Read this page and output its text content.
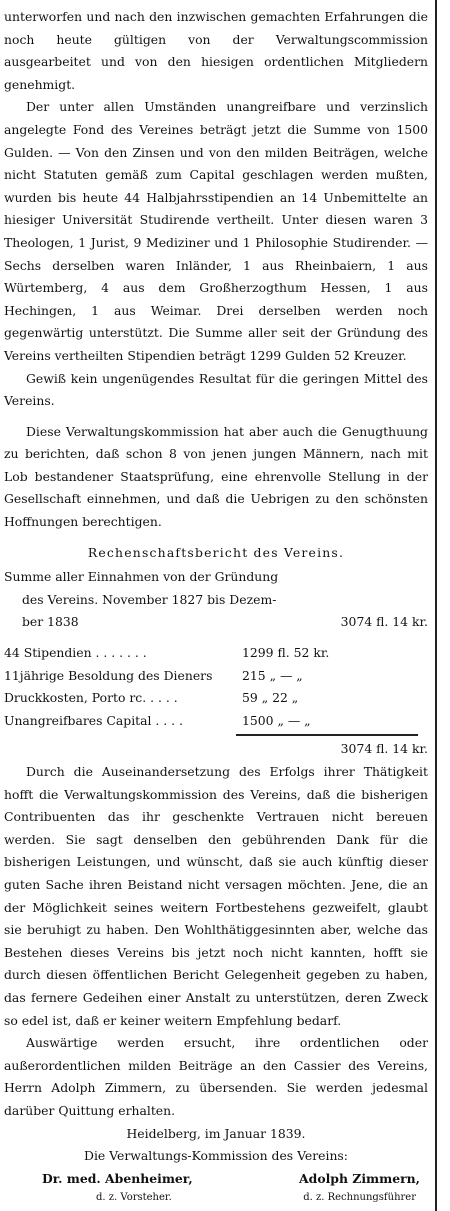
unterworfen und nach den inzwischen gemachten Erfahrungen die noch heute gültigen von der Verwaltungscommission ausgearbeitet und von den hiesigen ordentlichen Mitgliedern genehmigt.

Der unter allen Umständen unangreifbare und verzinslich angelegte Fond des Vereines beträgt jetzt die Summe von 1500 Gulden. — Von den Zinsen und von den milden Beiträgen, welche nicht Statuten gemäß zum Capital geschlagen werden mußten, wurden bis heute 44 Halbjahrsstipendien an 14 Unbemittelte an hiesiger Universität Studirende vertheilt. Unter diesen waren 3 Theologen, 1 Jurist, 9 Mediziner und 1 Philosophie Studirender. — Sechs derselben waren Inländer, 1 aus Rheinbaiern, 1 aus Würtemberg, 4 aus dem Großherzogthum Hessen, 1 aus Hechingen, 1 aus Weimar. Drei derselben werden noch gegenwärtig unterstützt. Die Summe aller seit der Gründung des Vereins vertheilten Stipendien beträgt 1299 Gulden 52 Kreuzer.

Gewiß kein ungenügendes Resultat für die geringen Mittel des Vereins.

Diese Verwaltungskommission hat aber auch die Genugthuung zu berichten, daß schon 8 von jenen jungen Männern, nach mit Lob bestandener Staatsprüfung, eine ehrenvolle Stellung in der Gesellschaft einnehmen, und daß die Uebrigen zu den schönsten Hoffnungen berechtigen.

Rechenschaftsbericht des Vereins.
Summe aller Einnahmen von der Gründung
des Vereins. November 1827 bis Dezem-
ber 1838	3074 fl. 14 kr.
44 Stipendien . . . . . . .	1299 fl. 52 kr.
11jährige Besoldung des Dieners 215 „ — „
Druckkosten, Porto rc. . . . .	59 „ 22 „
Unangreifbares Capital . . . .	1500 „ — „
3074 fl. 14 kr.

Durch die Auseinandersetzung des Erfolgs ihrer Thätigkeit hofft die Verwaltungskommission des Vereins, daß die bisherigen Contribuenten das ihr geschenkte Vertrauen nicht bereuen werden. Sie sagt denselben den gebührenden Dank für die bisherigen Leistungen, und wünscht, daß sie auch künftig dieser guten Sache ihren Beistand nicht versagen möchten. Jene, die an der Möglichkeit seines weitern Fortbestehens gezweifelt, glaubt sie beruhigt zu haben. Den Wohlthätiggesinnten aber, welche das Bestehen dieses Vereins bis jetzt noch nicht kannten, hofft sie durch diesen öffentlichen Bericht Gelegenheit gegeben zu haben, das fernere Gedeihen einer Anstalt zu unterstützen, deren Zweck so edel ist, daß er keiner weitern Empfehlung bedarf.

Auswärtige werden ersucht, ihre ordentlichen oder außerordentlichen milden Beiträge an den Cassier des Vereins, Herrn Adolph Zimmern, zu übersenden. Sie werden jedesmal darüber Quittung erhalten.

Heidelberg, im Januar 1839.
Die Verwaltungs-Kommission des Vereins:
Dr. med. Abenheimer,	Adolph Zimmern,
d. z. Vorsteher.	d. z. Rechnungsführer
